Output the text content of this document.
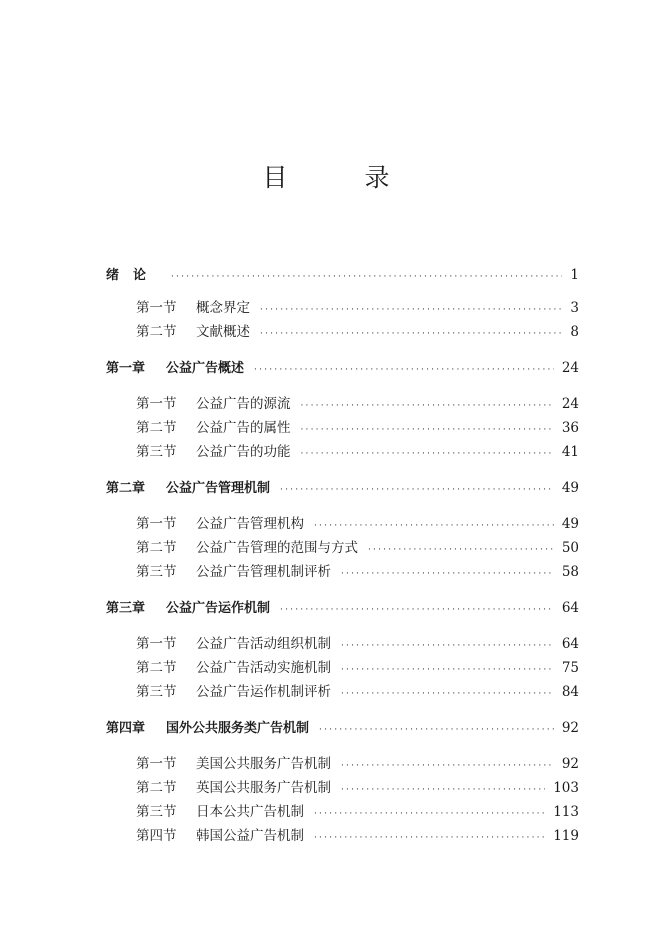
目　录
绪论 ·····	1
第一节	概念界定 ·····	3
第二节	文献概述 ·····	8
第一章	公益广告概述 ·····	24
第一节	公益广告的源流 ·····	24
第二节	公益广告的属性 ·····	36
第三节	公益广告的功能 ·····	41
第二章	公益广告管理机制 ·····	49
第一节	公益广告管理机构 ·····	49
第二节	公益广告管理的范围与方式 ·····	50
第三节	公益广告管理机制评析 ·····	58
第三章	公益广告运作机制 ·····	64
第一节	公益广告活动组织机制 ·····	64
第二节	公益广告活动实施机制 ·····	75
第三节	公益广告运作机制评析 ·····	84
第四章	国外公共服务类广告机制 ·····	92
第一节	美国公共服务广告机制 ·····	92
第二节	英国公共服务广告机制 ·····	103
第三节	日本公共广告机制 ·····	113
第四节	韩国公益广告机制 ·····	119
